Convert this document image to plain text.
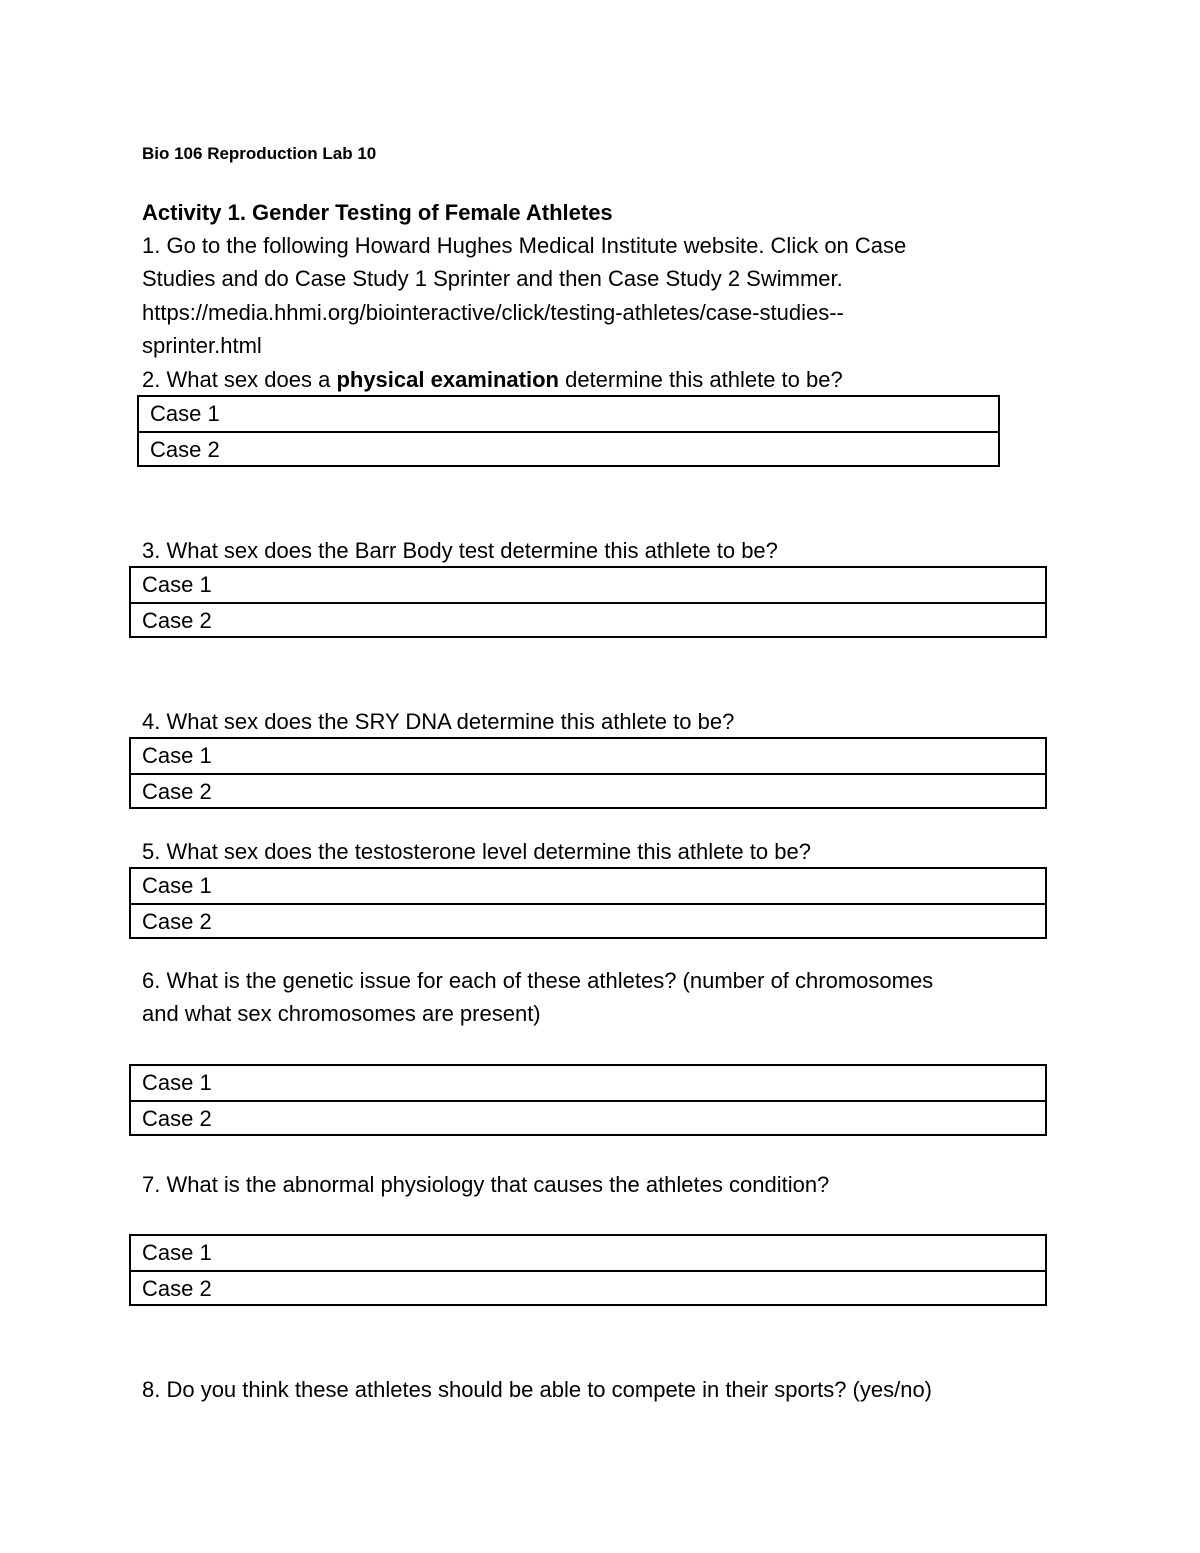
Bio 106 Reproduction Lab 10
Activity 1. Gender Testing of Female Athletes
1. Go to the following Howard Hughes Medical Institute website. Click on Case
Studies and do Case Study 1 Sprinter and then Case Study 2 Swimmer.
https://media.hhmi.org/biointeractive/click/testing-athletes/case-studies--
sprinter.html
2. What sex does a physical examination determine this athlete to be?
Case 1
Case 2
3. What sex does the Barr Body test determine this athlete to be?
Case 1
Case 2
4. What sex does the SRY DNA determine this athlete to be?
Case 1
Case 2
5. What sex does the testosterone level determine this athlete to be?
Case 1
Case 2
6. What is the genetic issue for each of these athletes? (number of chromosomes
and what sex chromosomes are present)
Case 1
Case 2
7. What is the abnormal physiology that causes the athletes condition?
Case 1
Case 2
8. Do you think these athletes should be able to compete in their sports? (yes/no)
